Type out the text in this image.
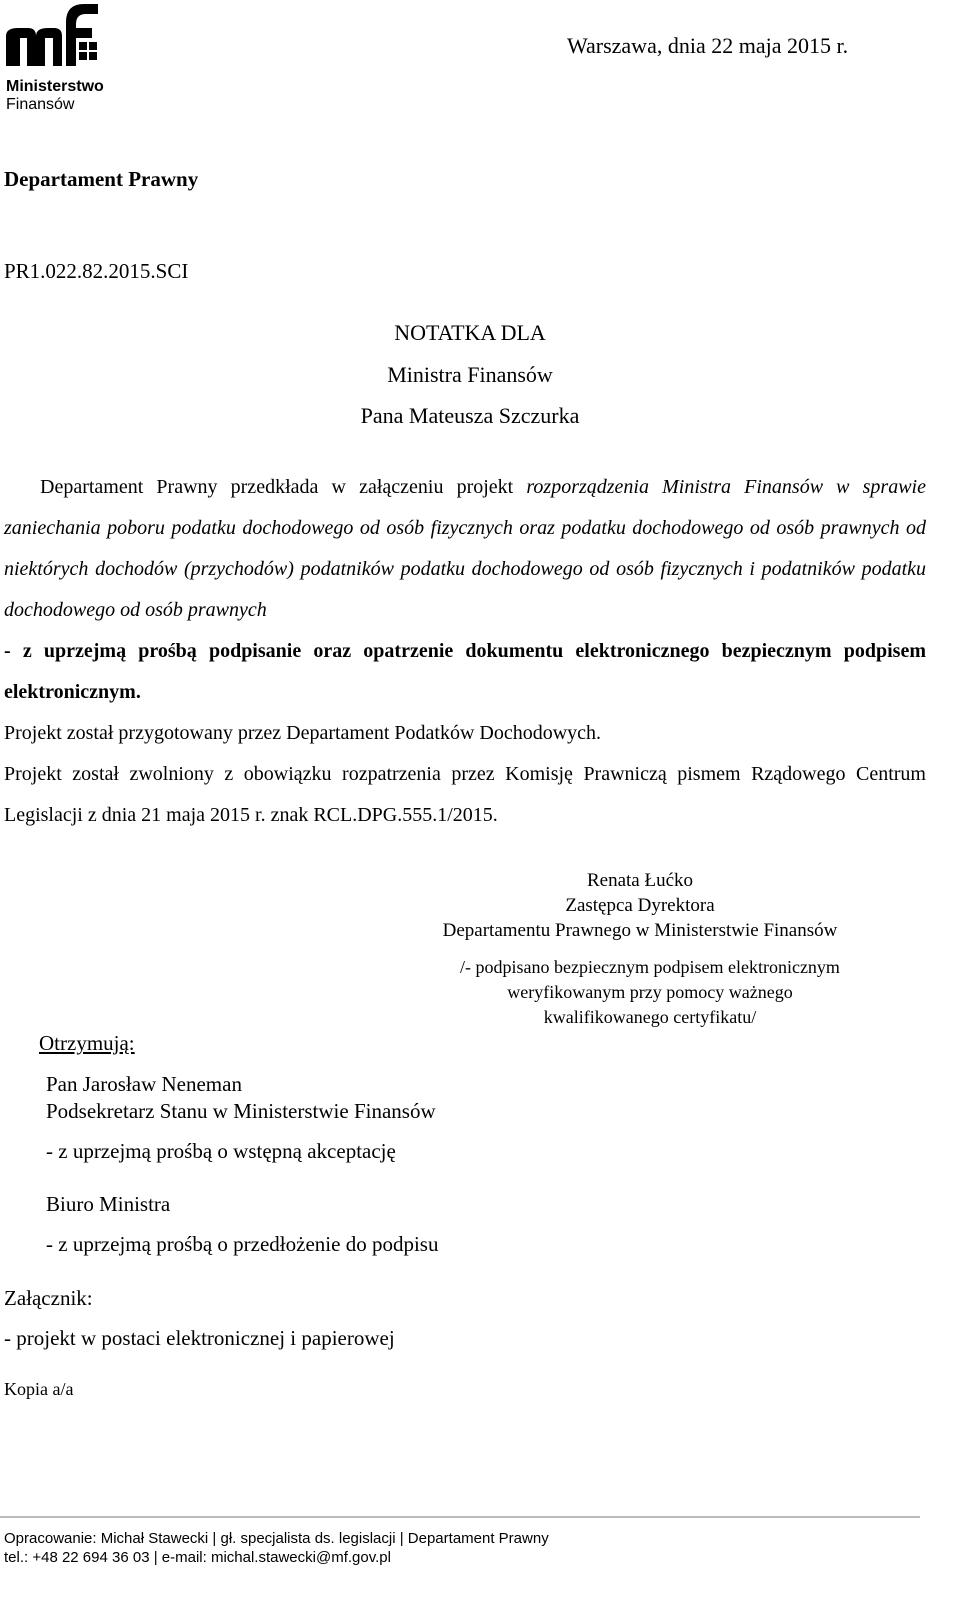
Ministerstwo
Finansów
Warszawa, dnia 22 maja 2015 r.
Departament Prawny
PR1.022.82.2015.SCI
NOTATKA DLA
Ministra Finansów
Pana Mateusza Szczurka

Departament Prawny przedkłada w załączeniu projekt rozporządzenia Ministra Finansów w sprawie zaniechania poboru podatku dochodowego od osób fizycznych oraz podatku dochodowego od osób prawnych od niektórych dochodów (przychodów) podatników podatku dochodowego od osób fizycznych i podatników podatku dochodowego od osób prawnych

- z uprzejmą prośbą podpisanie oraz opatrzenie dokumentu elektronicznego bezpiecznym podpisem elektronicznym.

Projekt został przygotowany przez Departament Podatków Dochodowych.

Projekt został zwolniony z obowiązku rozpatrzenia przez Komisję Prawniczą pismem Rządowego Centrum Legislacji z dnia 21 maja 2015 r. znak RCL.DPG.555.1/2015.

Renata Łućko
Zastępca Dyrektora
Departamentu Prawnego w Ministerstwie Finansów
/- podpisano bezpiecznym podpisem elektronicznym
weryfikowanym przy pomocy ważnego
kwalifikowanego certyfikatu/
Otrzymują:
Pan Jarosław Neneman
Podsekretarz Stanu w Ministerstwie Finansów
- z uprzejmą prośbą o wstępną akceptację
Biuro Ministra
- z uprzejmą prośbą o przedłożenie do podpisu
Załącznik:
- projekt w postaci elektronicznej i papierowej
Kopia a/a
Opracowanie: Michał Stawecki | gł. specjalista ds. legislacji | Departament Prawny
tel.: +48 22 694 36 03 | e-mail: michal.stawecki@mf.gov.pl
